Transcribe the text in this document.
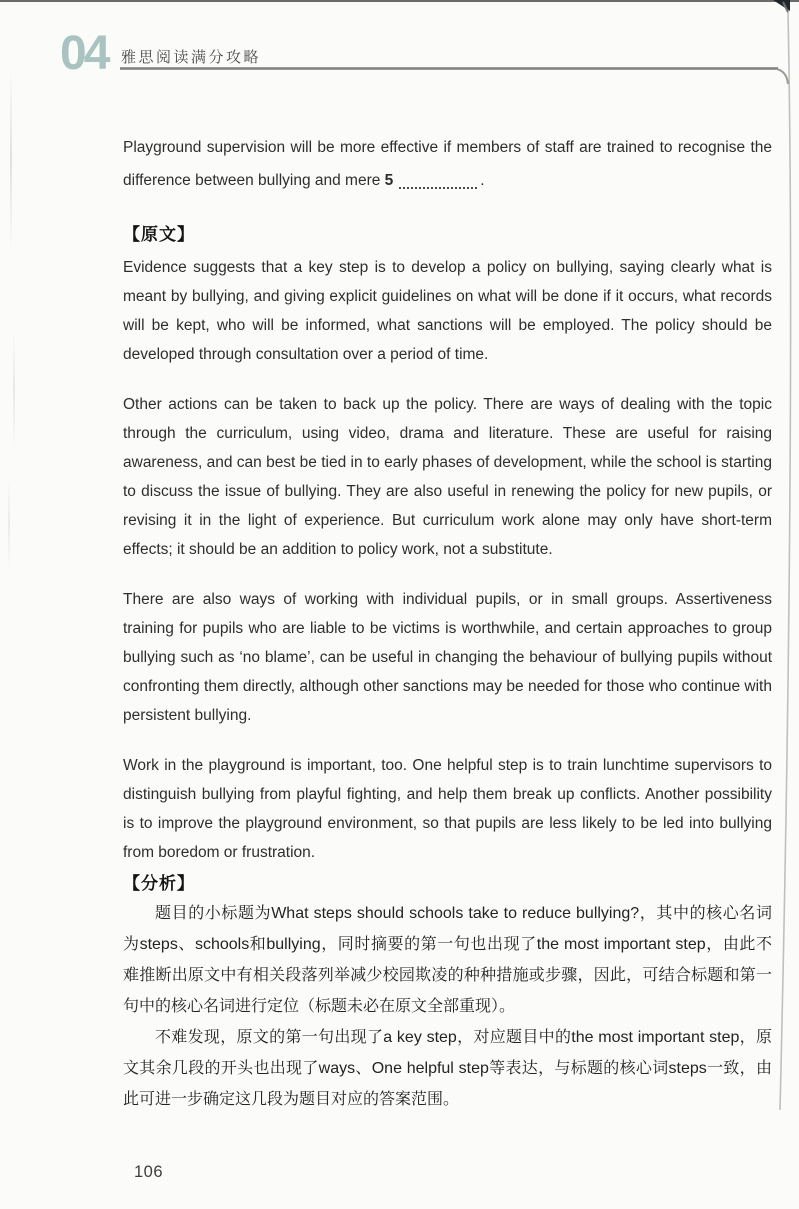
04 雅思阅读满分攻略

Playground supervision will be more effective if members of staff are trained to recognise the difference between bullying and mere 5	.

【原文】

Evidence suggests that a key step is to develop a policy on bullying, saying clearly what is meant by bullying, and giving explicit guidelines on what will be done if it occurs, what records will be kept, who will be informed, what sanctions will be employed. The policy should be developed through consultation over a period of time.

Other actions can be taken to back up the policy. There are ways of dealing with the topic through the curriculum, using video, drama and literature. These are useful for raising awareness, and can best be tied in to early phases of development, while the school is starting to discuss the issue of bullying. They are also useful in renewing the policy for new pupils, or revising it in the light of experience. But curriculum work alone may only have short-term effects; it should be an addition to policy work, not a substitute.

There are also ways of working with individual pupils, or in small groups. Assertiveness training for pupils who are liable to be victims is worthwhile, and certain approaches to group bullying such as ‘no blame’, can be useful in changing the behaviour of bullying pupils without confronting them directly, although other sanctions may be needed for those who continue with persistent bullying.

Work in the playground is important, too. One helpful step is to train lunchtime supervisors to distinguish bullying from playful fighting, and help them break up conflicts. Another possibility is to improve the playground environment, so that pupils are less likely to be led into bullying from boredom or frustration.

【分析】

题目的小标题为What steps should schools take to reduce bullying?，其中的核心名词为steps、schools和bullying，同时摘要的第一句也出现了the most important step，由此不难推断出原文中有相关段落列举减少校园欺凌的种种措施或步骤，因此，可结合标题和第一句中的核心名词进行定位（标题未必在原文全部重现）。

不难发现，原文的第一句出现了a key step，对应题目中的the most important step，原文其余几段的开头也出现了ways、One helpful step等表达，与标题的核心词steps一致，由此可进一步确定这几段为题目对应的答案范围。

106
